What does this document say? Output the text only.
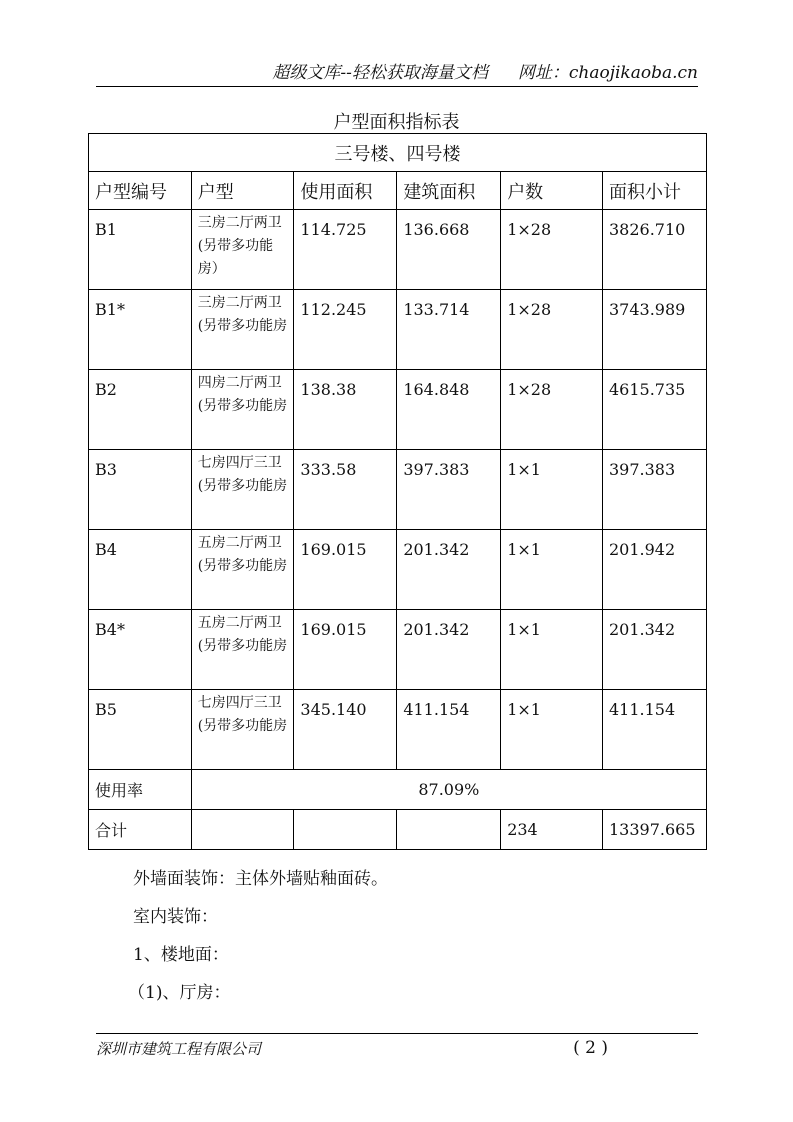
超级文库--轻松获取海量文档 网址：chaojikaoba.cn
户型面积指标表
三号楼、四号楼					
户型编号	户型	使用面积	建筑面积	户数	面积小计
B1	三房二厅两卫(另带多功能房）	114.725	136.668	1×28	3826.710
B1*	三房二厅两卫(另带多功能房	112.245	133.714	1×28	3743.989
B2	四房二厅两卫(另带多功能房	138.38	164.848	1×28	4615.735
B3	七房四厅三卫(另带多功能房	333.58	397.383	1×1	397.383
B4	五房二厅两卫(另带多功能房	169.015	201.342	1×1	201.942
B4*	五房二厅两卫(另带多功能房	169.015	201.342	1×1	201.342
B5	七房四厅三卫(另带多功能房	345.140	411.154	1×1	411.154
使用率	87.09%				
合计				234	13397.665
外墙面装饰：主体外墙贴釉面砖。
室内装饰：
1、楼地面：
（1)、厅房：
深圳市建筑工程有限公司	( 2 )
